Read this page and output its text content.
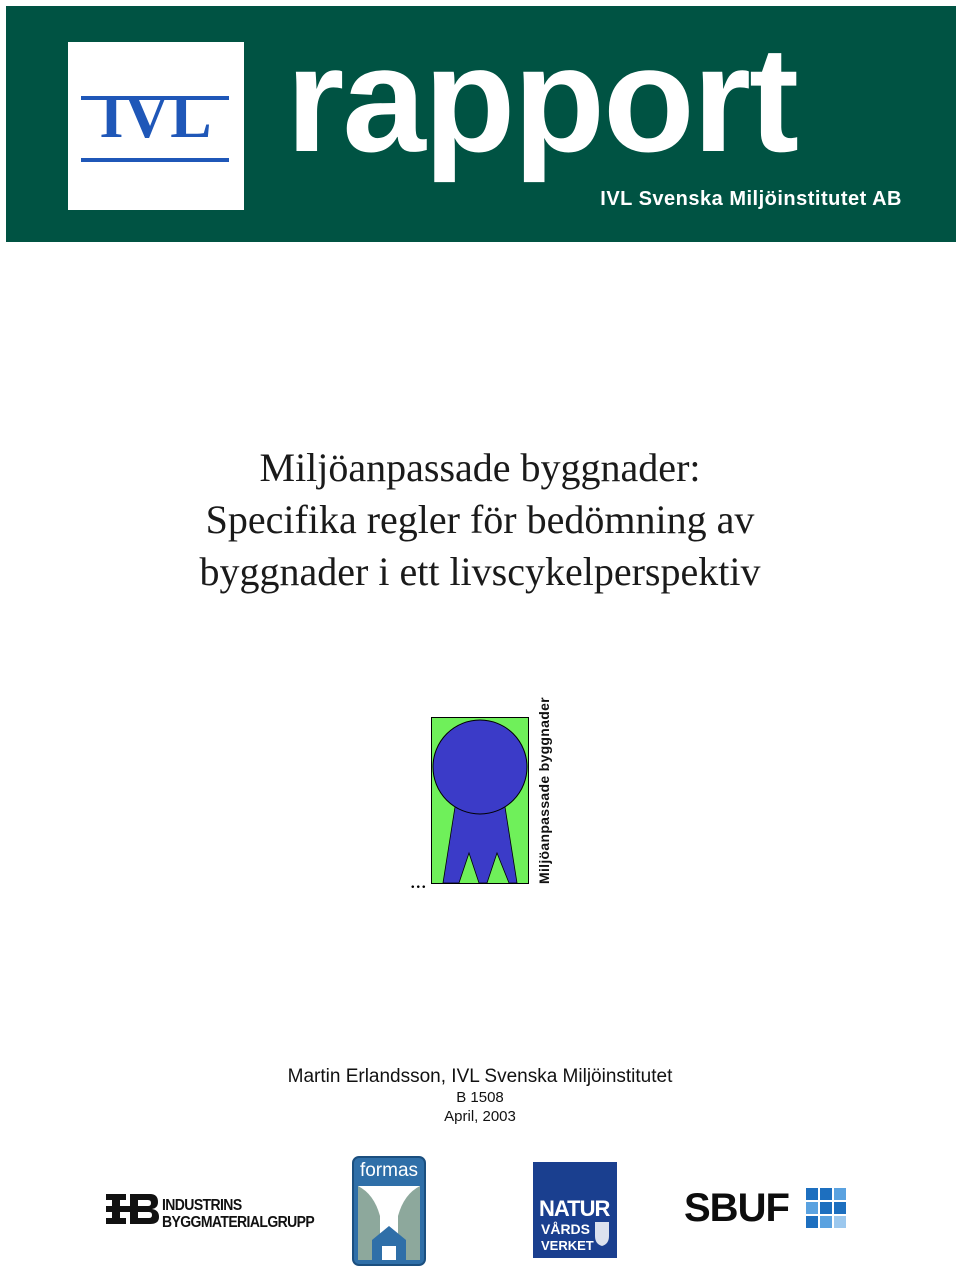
IVL rapport
IVL Svenska Miljöinstitutet AB
Miljöanpassade byggnader:
Specifika regler för bedömning av
byggnader i ett livscykelperspektiv
...	Miljöanpassade byggnader
Martin Erlandsson, IVL Svenska Miljöinstitutet
B 1508
April, 2003
INDUSTRINS
BYGGMATERIALGRUPP
formas
NATUR
VÅRDS
VERKET
SBUF
